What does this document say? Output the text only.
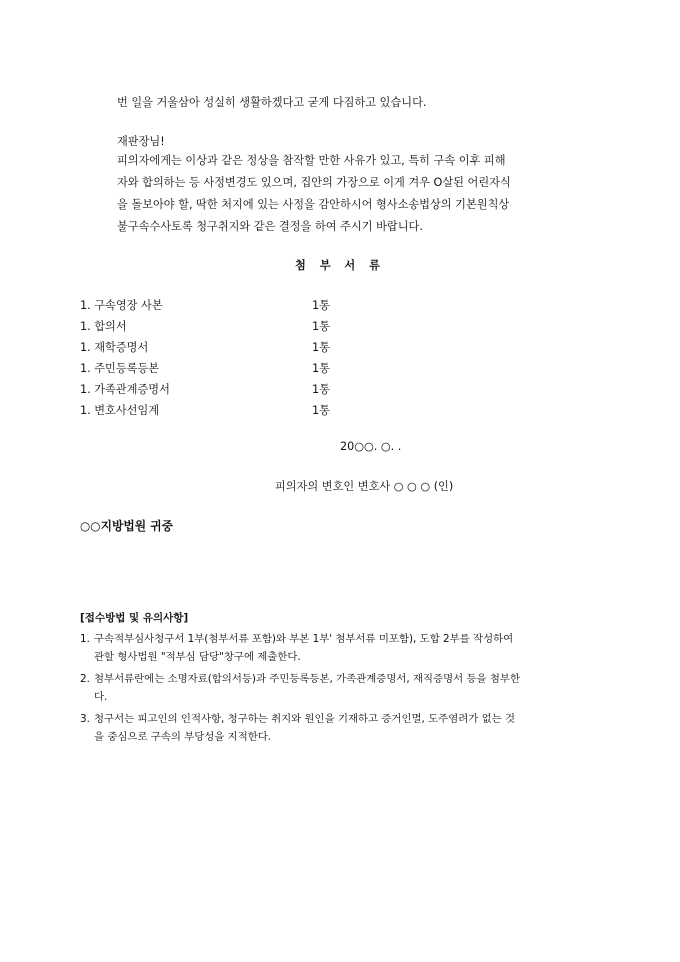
번 일을 거울삼아 성실히 생활하겠다고 굳게 다짐하고 있습니다.
재판장님!
피의자에게는 이상과 같은 정상을 참작할 만한 사유가 있고, 특히 구속 이후 피해
자와 합의하는 등 사정변경도 있으며, 집안의 가장으로 이게 겨우 O살된 어린자식
을 돌보아야 할, 딱한 처지에 있는 사정을 감안하시어 형사소송법상의 기본원칙상
불구속수사토록 청구취지와 같은 결정을 하여 주시기 바랍니다.
첨 부 서 류
1. 구속영장 사본	1통
1. 합의서	1통
1. 재학증명서	1통
1. 주민등록등본	1통
1. 가족관계증명서	1통
1. 변호사선임계	1통
20○○. ○. .
피의자의 변호인 변호사 ○ ○ ○ (인)
○○지방법원 귀중
[접수방법 및 유의사항]
1. 구속적부심사청구서 1부(첨부서류 포함)와 부본 1부' 첨부서류 미포함), 도합 2부를 작성하여
관할 형사법원 "적부심 담당"창구에 제출한다.
2. 첨부서류란에는 소명자료(합의서등)과 주민등록등본, 가족관계증명서, 재직증명서 등을 첨부한
다.
3. 청구서는 피고인의 인적사항, 청구하는 취지와 원인을 기재하고 증거인멸, 도주염려가 없는 것
을 중심으로 구속의 부당성을 지적한다.
